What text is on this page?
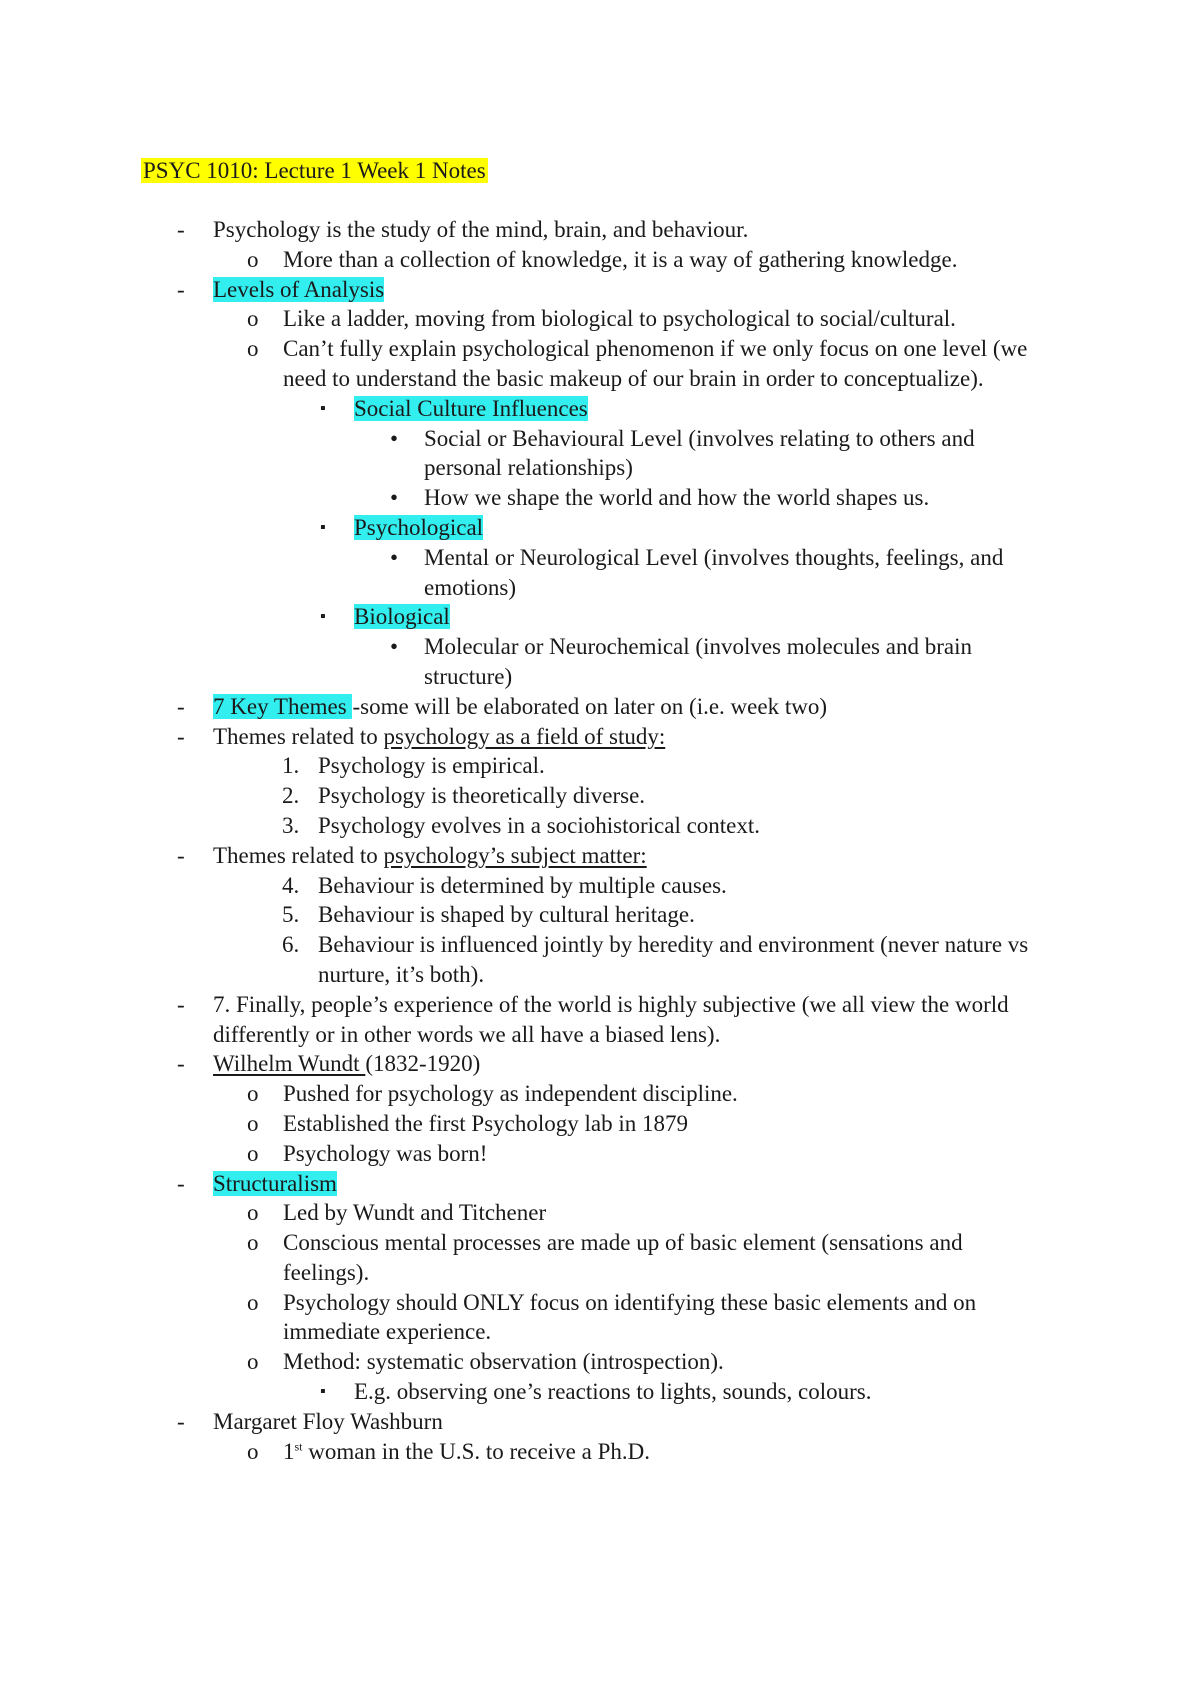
PSYC 1010: Lecture 1 Week 1 Notes
- Psychology is the study of the mind, brain, and behaviour.
o More than a collection of knowledge, it is a way of gathering knowledge.
- Levels of Analysis
o Like a ladder, moving from biological to psychological to social/cultural.
o Can’t fully explain psychological phenomenon if we only focus on one level (we
need to understand the basic makeup of our brain in order to conceptualize).
▪ Social Culture Influences
• Social or Behavioural Level (involves relating to others and
personal relationships)
• How we shape the world and how the world shapes us.
▪ Psychological
• Mental or Neurological Level (involves thoughts, feelings, and
emotions)
▪ Biological
• Molecular or Neurochemical (involves molecules and brain
structure)
- 7 Key Themes -some will be elaborated on later on (i.e. week two)
- Themes related to psychology as a field of study:
1. Psychology is empirical.
2. Psychology is theoretically diverse.
3. Psychology evolves in a sociohistorical context.
- Themes related to psychology’s subject matter:
4. Behaviour is determined by multiple causes.
5. Behaviour is shaped by cultural heritage.
6. Behaviour is influenced jointly by heredity and environment (never nature vs
nurture, it’s both).
- 7. Finally, people’s experience of the world is highly subjective (we all view the world
differently or in other words we all have a biased lens).
- Wilhelm Wundt (1832-1920)
o Pushed for psychology as independent discipline.
o Established the first Psychology lab in 1879
o Psychology was born!
- Structuralism
o Led by Wundt and Titchener
o Conscious mental processes are made up of basic element (sensations and
feelings).
o Psychology should ONLY focus on identifying these basic elements and on
immediate experience.
o Method: systematic observation (introspection).
▪ E.g. observing one’s reactions to lights, sounds, colours.
- Margaret Floy Washburn
o 1st woman in the U.S. to receive a Ph.D.
